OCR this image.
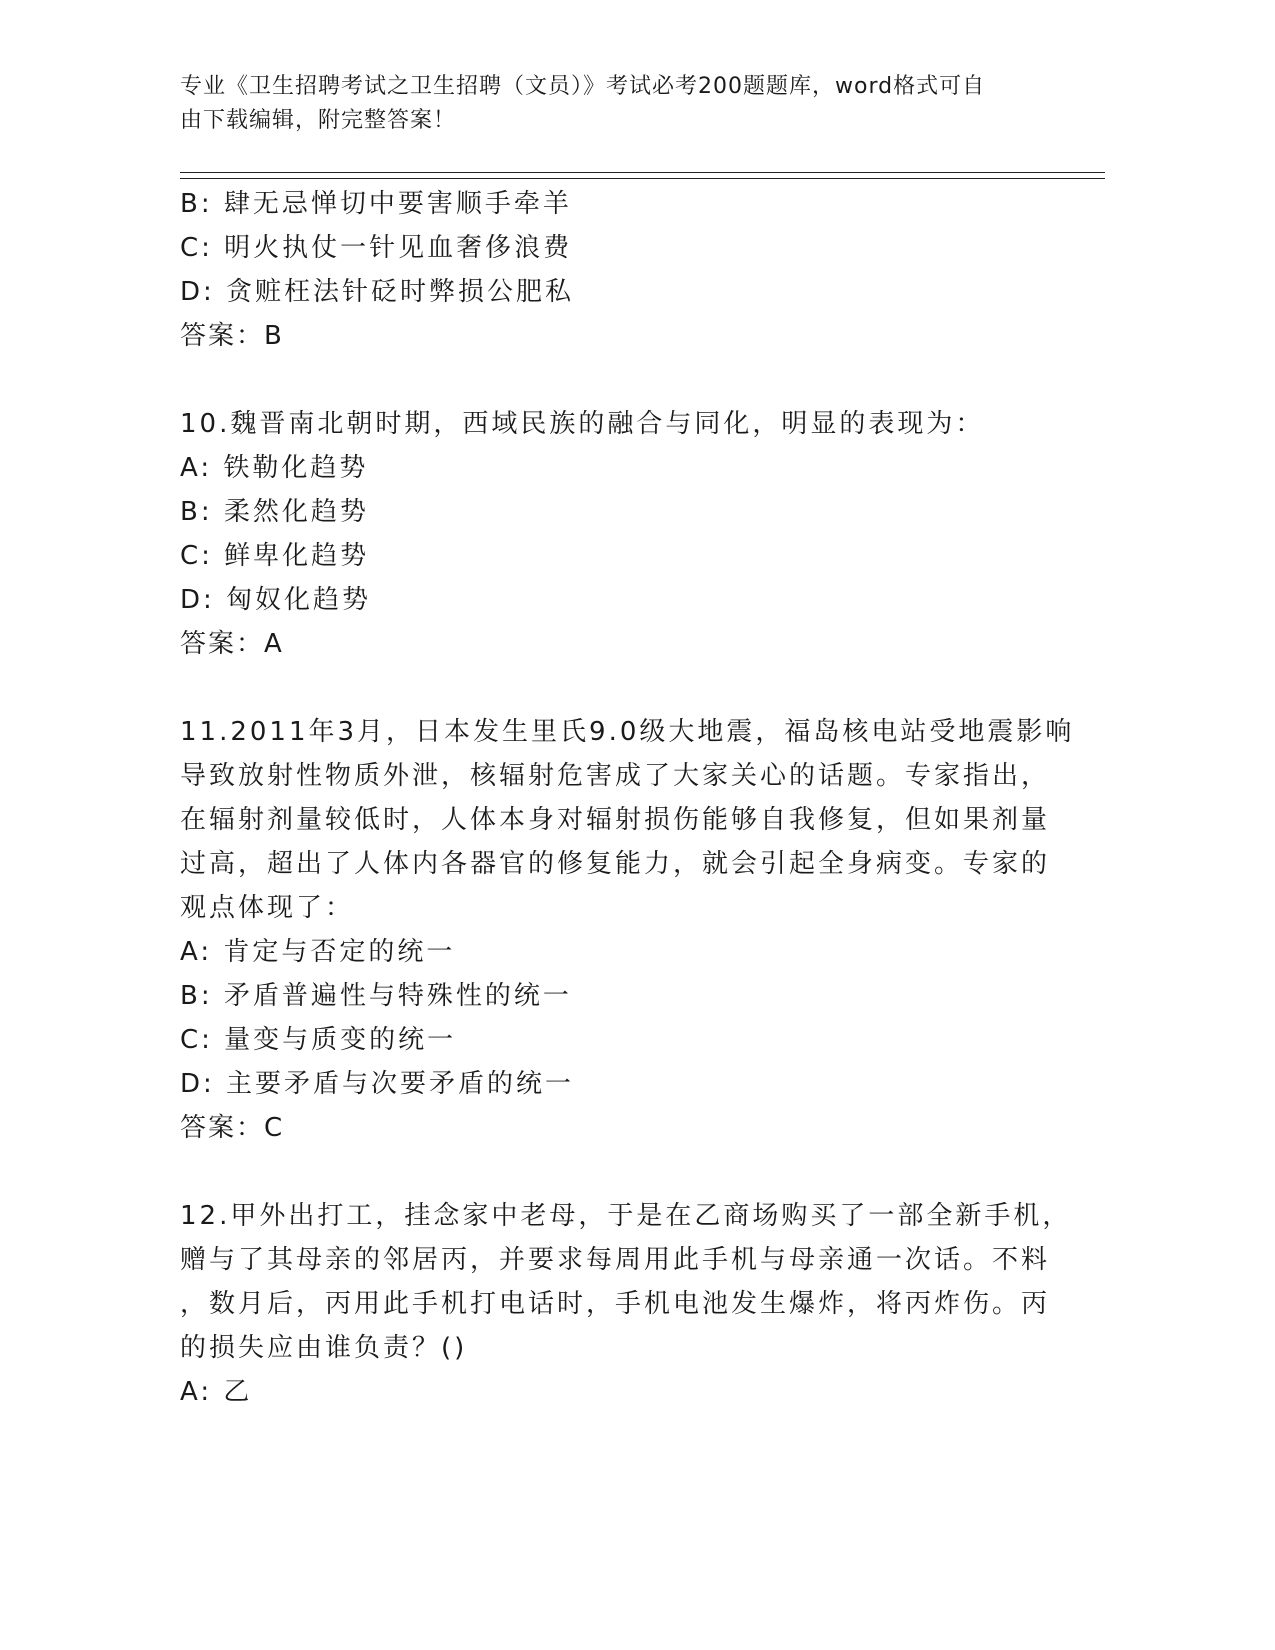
专业《卫生招聘考试之卫生招聘（文员）》考试必考200题题库，word格式可自
由下载编辑，附完整答案！
B: 肆无忌惮切中要害顺手牵羊
C: 明火执仗一针见血奢侈浪费
D: 贪赃枉法针砭时弊损公肥私
答案：B
10.魏晋南北朝时期，西域民族的融合与同化，明显的表现为：
A: 铁勒化趋势
B: 柔然化趋势
C: 鲜卑化趋势
D: 匈奴化趋势
答案：A
11.2011年3月，日本发生里氏9.0级大地震，福岛核电站受地震影响
导致放射性物质外泄，核辐射危害成了大家关心的话题。专家指出，
在辐射剂量较低时，人体本身对辐射损伤能够自我修复，但如果剂量
过高，超出了人体内各器官的修复能力，就会引起全身病变。专家的
观点体现了：
A: 肯定与否定的统一
B: 矛盾普遍性与特殊性的统一
C: 量变与质变的统一
D: 主要矛盾与次要矛盾的统一
答案：C
12.甲外出打工，挂念家中老母，于是在乙商场购买了一部全新手机，
赠与了其母亲的邻居丙，并要求每周用此手机与母亲通一次话。不料
，数月后，丙用此手机打电话时，手机电池发生爆炸，将丙炸伤。丙
的损失应由谁负责？()
A: 乙
